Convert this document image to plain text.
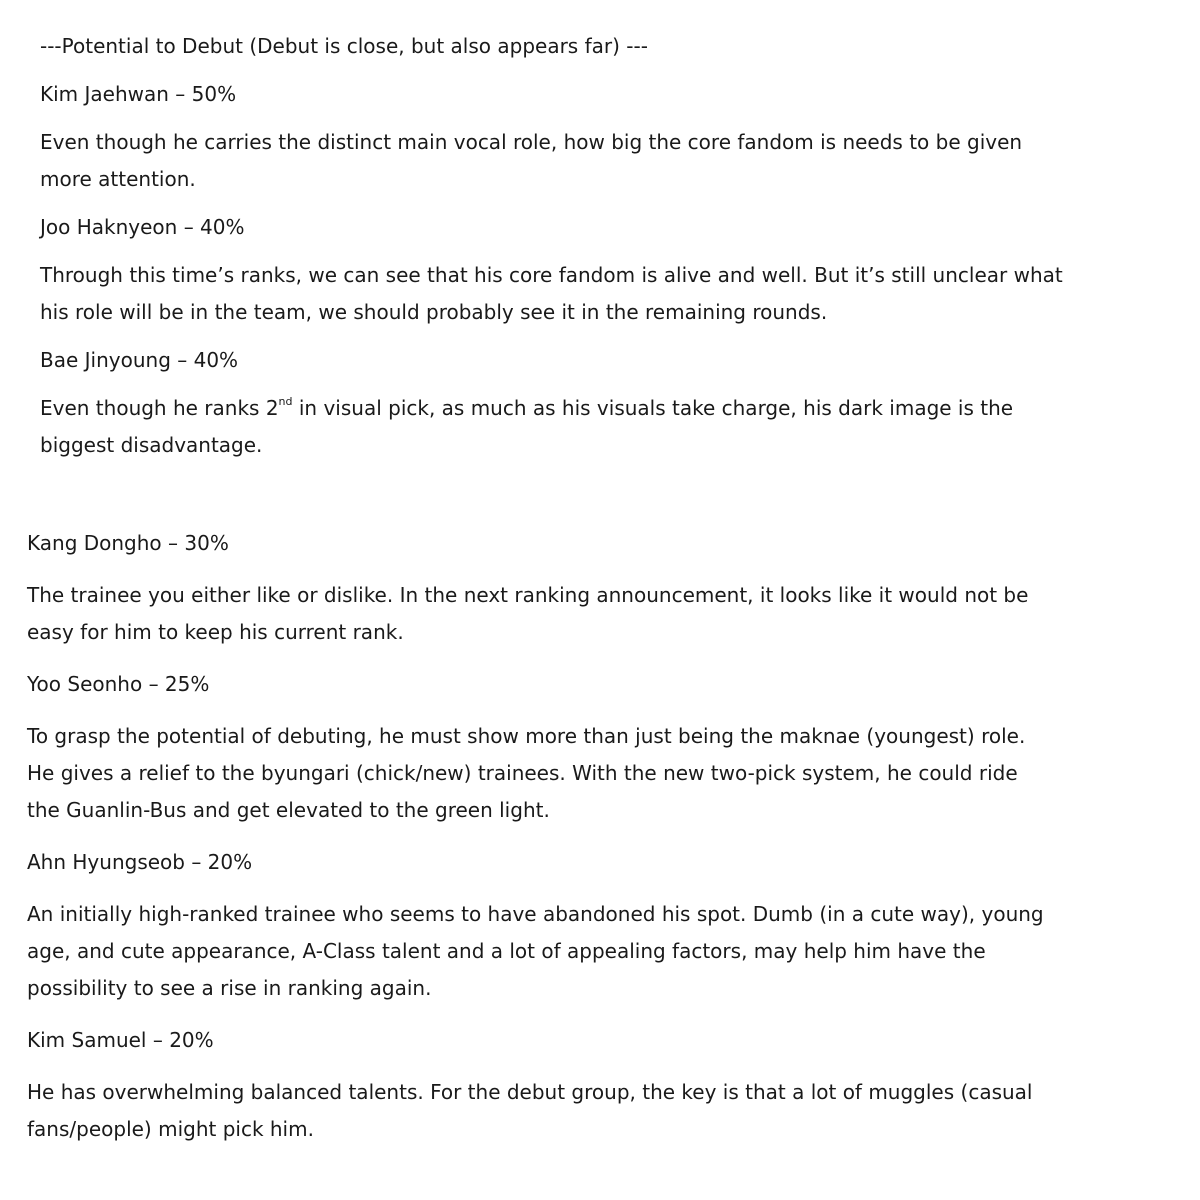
---Potential to Debut (Debut is close, but also appears far) ---

Kim Jaehwan – 50%

Even though he carries the distinct main vocal role, how big the core fandom is needs to be given

more attention.

Joo Haknyeon – 40%

Through this time’s ranks, we can see that his core fandom is alive and well. But it’s still unclear what

his role will be in the team, we should probably see it in the remaining rounds.

Bae Jinyoung – 40%

Even though he ranks 2nd in visual pick, as much as his visuals take charge, his dark image is the

biggest disadvantage.

Kang Dongho – 30%

The trainee you either like or dislike. In the next ranking announcement, it looks like it would not be

easy for him to keep his current rank.

Yoo Seonho – 25%

To grasp the potential of debuting, he must show more than just being the maknae (youngest) role.

He gives a relief to the byungari (chick/new) trainees. With the new two-pick system, he could ride

the Guanlin-Bus and get elevated to the green light.

Ahn Hyungseob – 20%

An initially high-ranked trainee who seems to have abandoned his spot. Dumb (in a cute way), young

age, and cute appearance, A-Class talent and a lot of appealing factors, may help him have the

possibility to see a rise in ranking again.

Kim Samuel – 20%

He has overwhelming balanced talents. For the debut group, the key is that a lot of muggles (casual

fans/people) might pick him.
